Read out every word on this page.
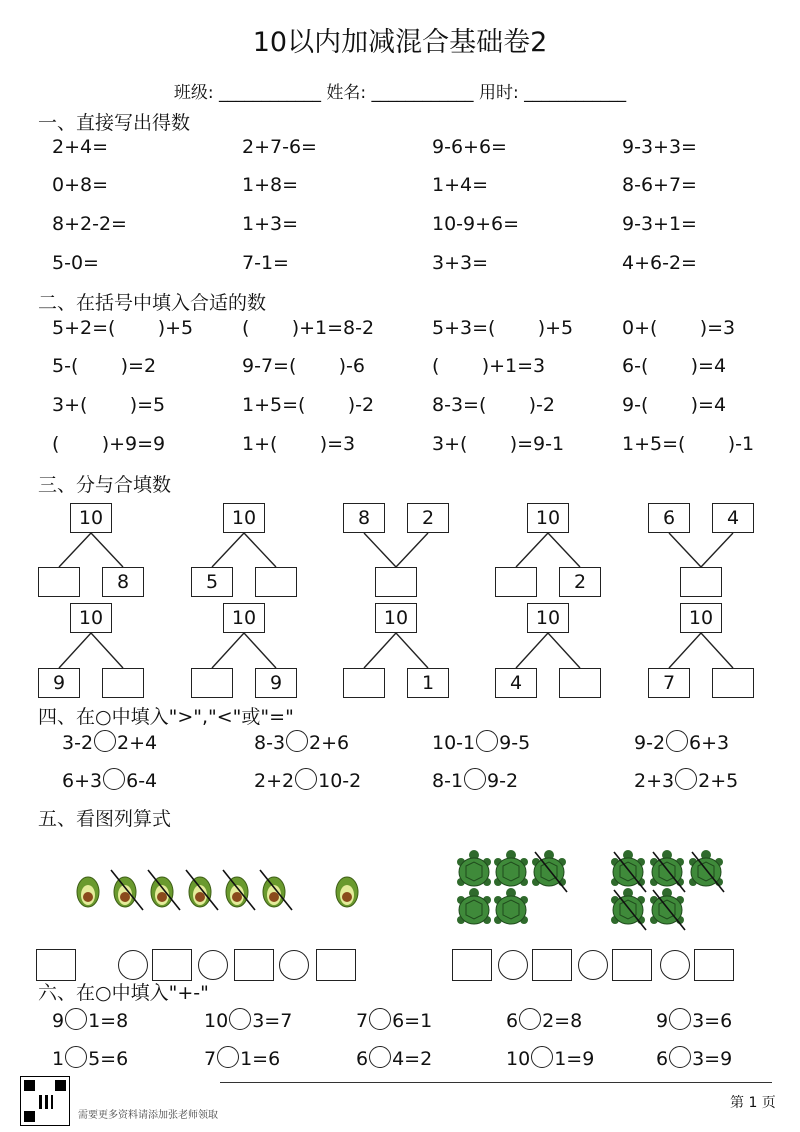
10以内加减混合基础卷2
班级: ____________ 姓名: ____________ 用时: ____________
一、直接写出得数
2+4=	2+7-6=	9-6+6=	9-3+3=
0+8=	1+8=	1+4=	8-6+7=
8+2-2=	1+3=	10-9+6=	9-3+1=
5-0=	7-1=	3+3=	4+6-2=
二、在括号中填入合适的数
5+2=(       )+5	(       )+1=8-2	5+3=(       )+5	0+(       )=3
5-(       )=2	9-7=(       )-6	(       )+1=3	6-(       )=4
3+(       )=5	1+5=(       )-2	8-3=(       )-2	9-(       )=4
(       )+9=9	1+(       )=3	3+(       )=9-1	1+5=(       )-1
三、分与合填数
10
8
10
5
8	2	10
2
6	4
10
9
10
9
10
1
10
4
10
7
四、在○中填入">","<"或"="
3-2 2+4	8-3 2+6	10-1 9-5	9-2 6+3
6+3 6-4	2+2 10-2	8-1 9-2	2+3 2+5
五、看图列算式
六、在○中填入"+-"
9 1=8	10 3=7	7 6=1	6 2=8	9 3=6
1 5=6	7 1=6	6 4=2	10 1=9	6 3=9
需要更多资料请添加张老师领取
第 1 页
